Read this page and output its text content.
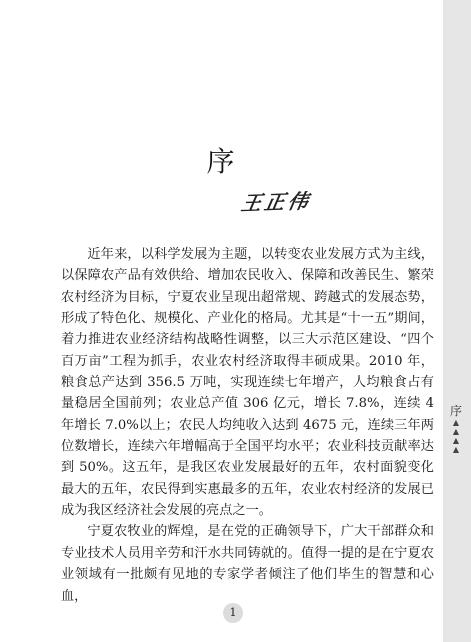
序
▲
▲
▲
▲
序
王正伟

近年来，以科学发展为主题，以转变农业发展方式为主线，以保障农产品有效供给、增加农民收入、保障和改善民生、繁荣农村经济为目标，宁夏农业呈现出超常规、跨越式的发展态势，形成了特色化、规模化、产业化的格局。尤其是“十一五”期间，着力推进农业经济结构战略性调整，以三大示范区建设、“四个百万亩”工程为抓手，农业农村经济取得丰硕成果。2010 年，粮食总产达到 356.5 万吨，实现连续七年增产，人均粮食占有量稳居全国前列；农业总产值 306 亿元，增长 7.8%，连续 4 年增长 7.0%以上；农民人均纯收入达到 4675 元，连续三年两位数增长，连续六年增幅高于全国平均水平；农业科技贡献率达到 50%。这五年，是我区农业发展最好的五年，农村面貌变化最大的五年，农民得到实惠最多的五年，农业农村经济的发展已成为我区经济社会发展的亮点之一。

宁夏农牧业的辉煌，是在党的正确领导下，广大干部群众和专业技术人员用辛劳和汗水共同铸就的。值得一提的是在宁夏农业领域有一批颇有见地的专家学者倾注了他们毕生的智慧和心血，

1
